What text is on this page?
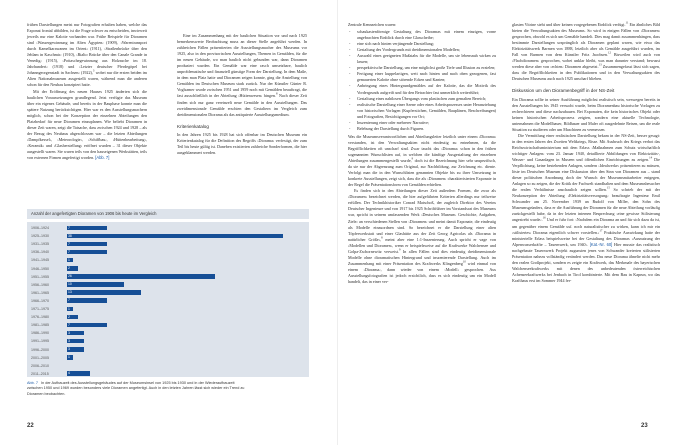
frühen Darstellungen meist nur Fotografien erhalten haben, welche das Exponat frontal abbilden, ist die Frage schwer zu entscheiden, inwieweit jeweils nur eine Kalotte vorhanden war. Frühe Beispiele für Dioramen sind ›Wassergewinnung im Alten Ägypten‹ (1909), ›Warentransport durch Kamelkarawanen im Orient‹ (1911), ›Straßenbrücke über den Jehlam in Kaschmir‹ (1910), ›Rialto Brücke über den Canale Grande in Venedig‹ (1915), ›Pottaschegewinnung aus Holzasche im 18. Jahrhundert‹ (1918) und ›Letzter deutscher Pferdegöpel bei Johanngeorgenstadt in Sachsen‹ (1922),$^3$ wobei nur die ersten beiden im Alten Nationalmuseum ausgestellt waren, während man die anderen schon für den Neubau konzipiert hatte.

Mit der Eröffnung des neuen Hauses 1925 änderten sich die baulichen Voraussetzungen grundlegend. Jetzt verfügte das Museum über ein eigenes Gebäude, und bereits in der Bauphase konnte man die spätere Nutzung berücksichtigen. Hier war es den Ausstellungsmachern möglich, schon bei der Konzeption der einzelnen Abteilungen den Platzbedarf für neue Dioramen einzuplanen. Wie beliebt Dioramen in dieser Zeit waren, zeigt die Tatsache, dass zwischen 1924 und 1928 – als der Bezug des Neubaus abgeschlossen war – die letzten Abteilungen ›Dampfkessel‹, ›Meteorologie‹, ›Schiffbau‹, ›Hüttenbearbeitung‹, ›Keramik‹ und ›Glasherstellung‹ eröffnet wurden – 31 dieser Objekte ausgestellt waren. Sie waren teils von den hauseigenen Werkstätten, teils von externen Firmen angefertigt worden. [Abb. 7]

Eine im Zusammenhang mit der baulichen Situation vor und nach 1925 bemerkenswerte Beobachtung muss an dieser Stelle angeführt werden. In zahlreichen Fällen präsentierten die Ausstellungsmacher des Museums vor 1925, also in den provisorischen Ausstellungen, Themen in Gemälden, für die im neuen Gebäude, wo man baulich nicht gebunden war, dann Dioramen produziert wurden. Ein Gemälde war eine rasch umsetzbare, baulich unproblematische und finanziell günstige Form der Darstellung. In dem Maße, in dem man Platz hatte und Dioramen zeigen konnte, ging die Anstellung von Gemälden im Deutschen Museum stark zurück. Nur der Künstler Günter R. Voglsamer wurde zwischen 1951 und 1959 noch mit Gemälden beauftragt, die fast ausschließlich in der Abteilung ›Hüttenwesen‹ hingen.$^8$ Nach dieser Zeit finden sich nur ganz vereinzelt neue Gemälde in den Ausstellungen. Das zweidimensionale Gemälde erschien den Gestaltern im Vergleich zum dreidimensionalen Diorama als das antiquierte Ausstellungsmedium.

Kriterienkatalog

In den Jahren 1925 bis 1928 hat sich offenbar im Deutschen Museum ein Kriterienkatalog für die Definition des Begriffs ›Diorama‹ verfestigt, der zum Teil bis heute gültig ist. Daneben existierten zahlreiche Sonderformen, die hier ausgeklammert werden.

Anzahl der angefertigten Dioramen von 1906 bis heute im Vergleich
1906–1924	7
1925–1930	38
1931–1935	7
1936–1940	7
1941–1945	1
1946–1950	2
1951–1955	26
1956–1960	10
1961–1965	13
1966–1970	7
1971–1975	1
1976–1980	2
1981–1985	7
1986–1990	3
1991–1995	3
1996–2000	3
2001–2005	1
2006–2010
2011–2015	4
Abb. 7 In der Aufbauzeit des Ausstellungsgebäudes auf der Museumsinsel von 1925 bis 1930 und in der Wiederaufbauzeit zwischen 1950 und 1969 wurden besonders viele Dioramen angefertigt. Auch in den letzten Jahren lässt sich wieder ein Trend zu Dioramen beobachten.
22

Zentrale Kennzeichen waren:

- schaukastenförmige Gestaltung des Dioramas mit einem einzigen, vorne angebrachten Einblick durch eine Glasscheibe;
- eine sich nach hinten verjüngende Darstellung;
- Gestaltung des Vordergrunds mit dreidimensionalen Modellen;
- Auswahl eines geeigneten Maßstabs für die Modelle, um sie lebensnah wirken zu lassen;
- perspektivische Darstellung, um eine möglichst große Tiefe und Illusion zu erzielen;
- Fertigung einer kuppelartigen, weit nach hinten und nach oben gezogenen, fast gemauerten Kalotte ohne störende Ecken und Kanten;
- Anbringung eines Hintergrundgemäldes auf der Kalotte, das die Motivik des Vordergrunds aufgreift und für den Betrachter fast unmerklich weiterführt;
- Gestaltung eines nahtlosen Übergangs vom plastischen zum gemalten Bereich;
- realistische Darstellung einer Szene oder eines Arbeitsprozesses unter Heranziehung von historischen Vorlagen (Kupferstichen, Gemälden, Bauplänen, Beschreibungen) und Fotografien, Besichtigungen vor Ort;
- Inszenierung einer oder mehrerer Narrative;
- Belebung der Darstellung durch Figuren.

Was die Museumsverantwortlichen und Abteilungsleiter letztlich unter einem ›Diorama‹ verstanden, ist den Verwaltungsakten nicht eindeutig zu entnehmen, da die Begrifflichkeiten oft unscharf sind. Zwar taucht das ›Diorama‹ schon in den frühen sogenannten Wunschlisten auf, in welchen die künftige Ausgestaltung der einzelnen Abteilungen zusammengestellt wurde,$^9$ doch ist die Bezeichnung hier sehr unspezifisch, da sie nur der Abgrenzung zum Original, zur Nachbildung, zur Zeichnung etc. diente. Verfolgt man die in den Wunschlisten genannten Objekte bis zu ihrer Umsetzung in konkrete Ausstellungen, zeigt sich, dass die als ›Dioramen‹ charakterisierten Exponate in der Regel die Präsentationsform von Gemälden erhielten.

Es finden sich in den Abteilungen dieser Zeit außerdem Formen, die zwar als ›Dioramen‹ bezeichnet werden, die hier aufgeführten Kriterien allerdings nur teilweise erfüllen. Der Technikhistoriker Conrad Matschoß, der zugleich Direktor des Vereins Deutscher Ingenieure und von 1917 bis 1925 Schriftführer im Vorstandsrat des Museums war, spricht in seinem umfassenden Werk ›Deutsches Museum. Geschichte, Aufgaben, Ziele‹ an verschiedenen Stellen von ›Dioramen‹ und meint damit Exponate, die eindeutig als Modelle einzuordnen sind. So bezeichnet er die Darstellung einer alten Töpferwerkstatt und einer Glashütte aus der Zeit Georg Agricolas als ›Diorama in natürlicher Größe‹,$^8$ meint aber eine 1:1-Inszenierung. Auch spricht er vage von ›Modellen und Dioramen‹, wenn er beispielsweise auf die Kraftwerke Walchensee und Golpa-Zschornewitz verweist.$^9$ In allen Fällen sind dies eindeutig dreidimensionale Modelle ohne dioramatischen Hintergrund und inszenierende Darstellung. Auch im Zusammenhang mit einer Präsentation des Kraftwerks Klingenberg$^{10}$ wird einmal von einem ›Diorama‹, dann wieder von einem ›Modell‹ gesprochen. Aus Ausstellungsfotografien ist jedoch ersichtlich, dass es sich eindeutig um ein Modell handelt, das in einer ver-

glasten Vitrine steht und über keinen vorgegebenen Einblick verfügt.$^{11}$ Ein ähnliches Bild bieten die Verwaltungsakten des Museums. So wird in einigen Fällen von ›Dioramen‹ gesprochen, obwohl es sich um Gemälde handelt. Dies mag damit zusammenhängen, dass bestimmte Darstellungen ursprünglich als Dioramen geplant waren, wie etwa das Elektrizitätswerk Barmen von 1888, letztlich aber als Gemälde ausgeführt wurden, im Fall von Barmen von dem Künstler Fritz Jacobsen.$^{12}$ Bisweilen wird auch von ›Flachdioramen‹ gesprochen, wobei unklar bleibt, was man darunter verstand; bewusst werden diese aber von ›echten‹ Dioramen abgesetzt.$^{13}$ Zusammengefasst lässt sich sagen, dass die Begrifflichkeiten in den Publikationen und in den Verwaltungsakten des Deutschen Museums auch nach 1925 unscharf blieben.

Diskussion um den Dioramenbegriff in der NS-Zeit

Ein Diorama sollte in seiner Ausführung möglichst realistisch sein, weswegen bereits in den Ausstellungen bis 1945 versucht wurde, beim Dioramenbau historische Vorlagen zu recherchieren und diese nachzubauen. Bei Exponaten, die kein historisches Objekt oder keinen historischen Arbeitsprozess zeigten, sondern eine aktuelle Technologie, unternahmen die Modellbauer, Bildhauer und Maler oft ausgedehnte Reisen, um die reale Situation zu studieren oder um Maschinen zu vermessen.

Die Vermittlung einer realistischen Darstellung bekam in der NS-Zeit, besser gesagt: in den ersten Jahren des Zweiten Weltkriegs, Risse. Mit Ausbruch des Kriegs verbot das Reichswirtschaftsministerium mit dem Erlass ›Maßnahmen zum Schutz wirtschaftlich wichtiger Anlagen‹ vom 23. Januar 1940, detaillierte Abbildungen von Elektrizitäts-, Wasser- und Gasanlagen in Museen und öffentlichen Einrichtungen zu zeigen.$^{14}$ Die Verpflichtung, keine bestehenden Anlagen, sondern ›Idealwerke‹ präsentieren zu müssen, löste im Deutschen Museum eine Diskussion über den Sinn von Dioramen aus – stand dieser politischen Anordnung doch der Wunsch der Museumsmitarbeiter entgegen, Anlagen so zu zeigen, die der Kritik der Fachwelt standhalten und dem Museumsbesucher die realen Verhältnisse anschaulich zeigen sollten.$^{15}$ So schrieb der mit der Neukonzeption der Abteilung ›Elektrizitätsversorgung‹ beauftragte Ingenieur Emil Schwander am 25. November 1939 an Rudolf von Miller, den Sohn des Museumsgründers, dass er die Ausführung der Dioramen für die neue Abteilung vorläufig zurückgestellt habe, da in der letzten internen Besprechung ›eine gewisse Stilisierung angestrebt wurde‹.$^{16}$ Und er fuhr fort: ›Nachdem ein Diorama an und für sich dazu da ist, um gegenüber einem Gemälde usf. noch naturalistischer zu wirken, kann ich mir ein ›stilisiertes‹ Diorama eigentlich schwer vorstellen.‹$^{17}$ Praktische Auswirkung hatte der ministerielle Erlass beispielsweise bei der Gestaltung des Dioramas ›Ausnutzung der Alpenwasserkräfte – Tauernwerk, um 1940‹. [Kat.-Nr. 60] Hier musste das realistisch nachgebaute Tauernwerk Projekt zugunsten jenes von Schwander kreierten stilisierten Präsentation nahezu vollständig verändert werden. Das neue Diorama ähnelte nicht mehr den realen Großprojekt, sondern es zeigte ein Kraftwerk, das Merkmale des bayerischen Walchenseekraftwerks mit denen des unbedeutenden österreichischen Achenseekraftwerks bei Jenbach in Tirol kombinierte. Mit dem Bau in Kaprun, wo das Krafthaus erst im Sommer 1944 fer-

23
